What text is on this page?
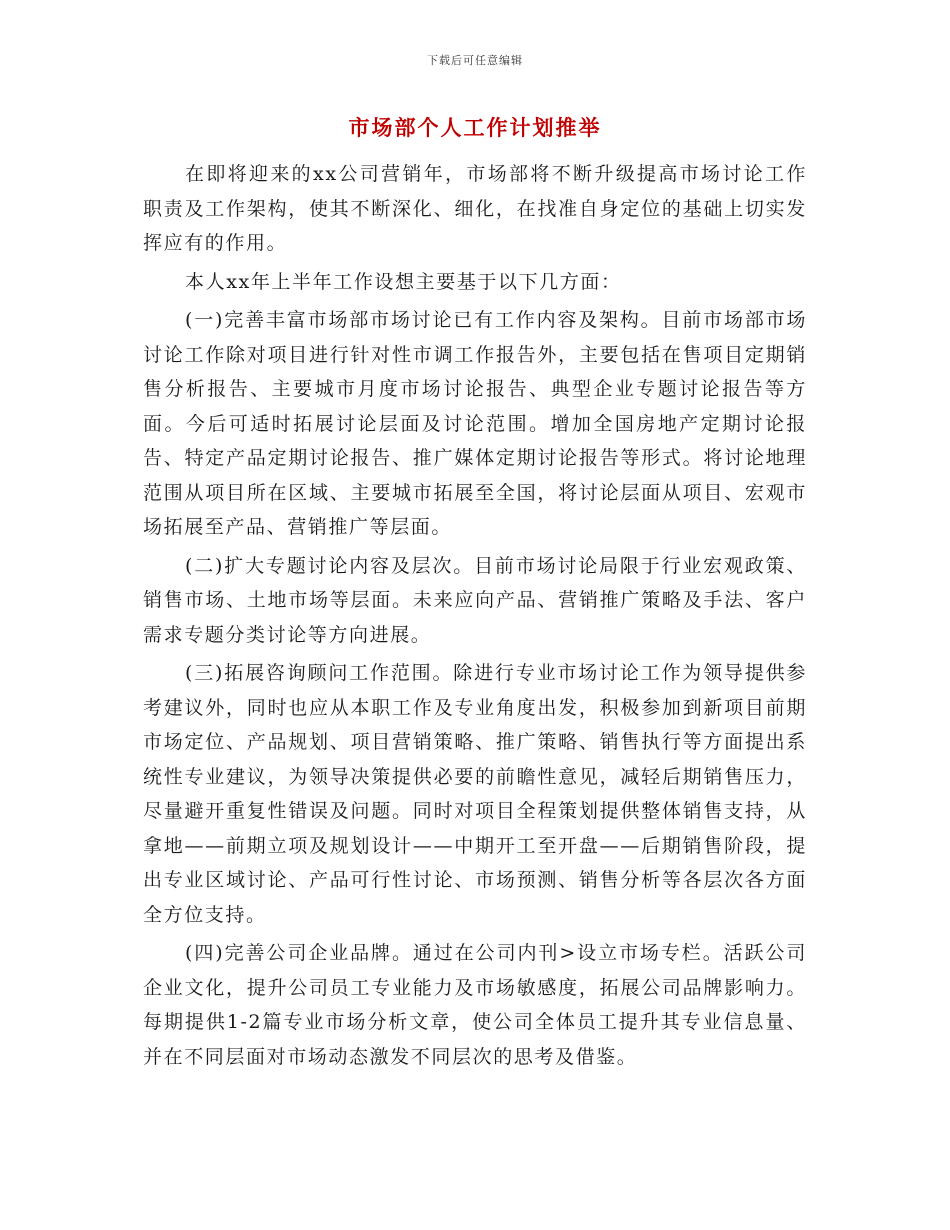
下载后可任意编辑
市场部个人工作计划推举

在即将迎来的xx公司营销年，市场部将不断升级提高市场讨论工作职责及工作架构，使其不断深化、细化，在找准自身定位的基础上切实发挥应有的作用。

本人xx年上半年工作设想主要基于以下几方面：

(一)完善丰富市场部市场讨论已有工作内容及架构。目前市场部市场讨论工作除对项目进行针对性市调工作报告外，主要包括在售项目定期销售分析报告、主要城市月度市场讨论报告、典型企业专题讨论报告等方面。今后可适时拓展讨论层面及讨论范围。增加全国房地产定期讨论报告、特定产品定期讨论报告、推广媒体定期讨论报告等形式。将讨论地理范围从项目所在区域、主要城市拓展至全国，将讨论层面从项目、宏观市场拓展至产品、营销推广等层面。

(二)扩大专题讨论内容及层次。目前市场讨论局限于行业宏观政策、销售市场、土地市场等层面。未来应向产品、营销推广策略及手法、客户需求专题分类讨论等方向进展。

(三)拓展咨询顾问工作范围。除进行专业市场讨论工作为领导提供参考建议外，同时也应从本职工作及专业角度出发，积极参加到新项目前期市场定位、产品规划、项目营销策略、推广策略、销售执行等方面提出系统性专业建议，为领导决策提供必要的前瞻性意见，减轻后期销售压力，尽量避开重复性错误及问题。同时对项目全程策划提供整体销售支持，从拿地——前期立项及规划设计——中期开工至开盘——后期销售阶段，提出专业区域讨论、产品可行性讨论、市场预测、销售分析等各层次各方面全方位支持。

(四)完善公司企业品牌。通过在公司内刊>设立市场专栏。活跃公司企业文化，提升公司员工专业能力及市场敏感度，拓展公司品牌影响力。每期提供1-2篇专业市场分析文章，使公司全体员工提升其专业信息量、并在不同层面对市场动态激发不同层次的思考及借鉴。
